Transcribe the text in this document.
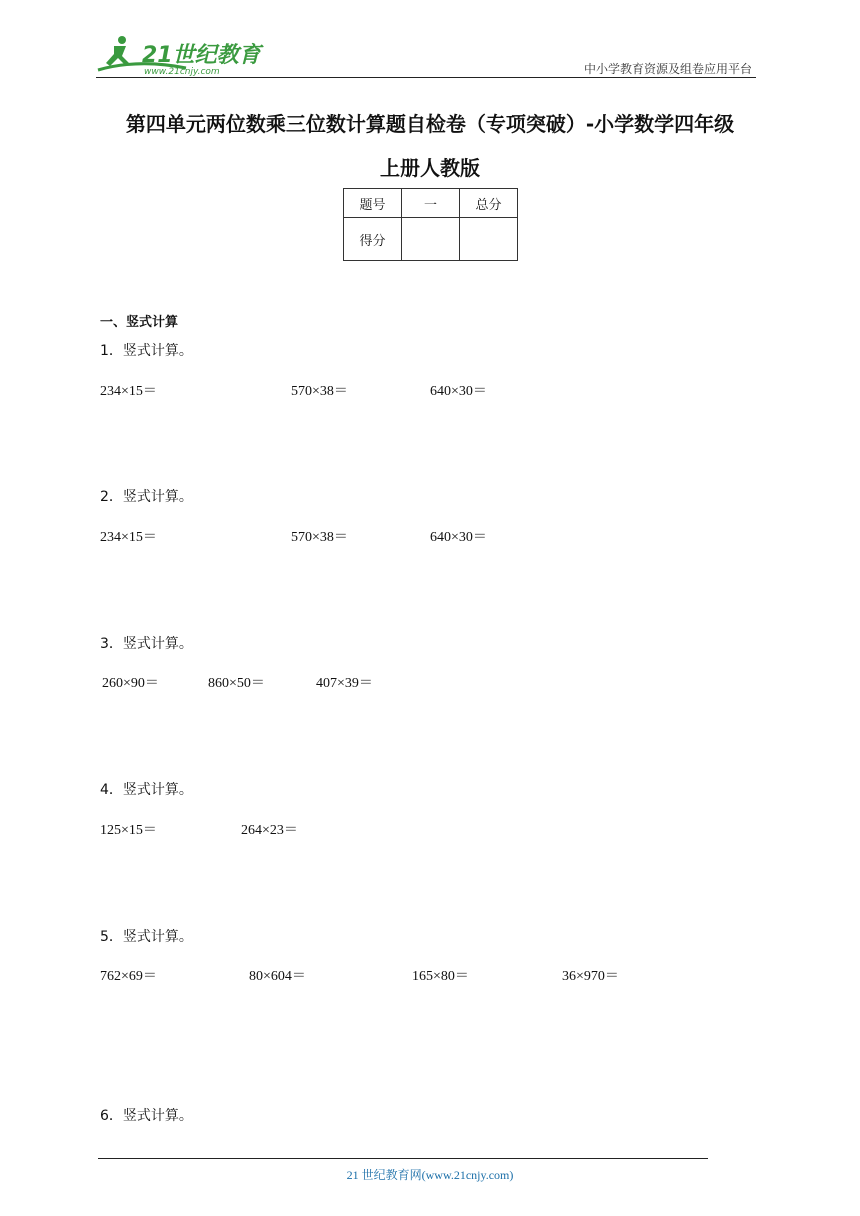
21世纪教育
www.21cnjy.com	中小学教育资源及组卷应用平台
第四单元两位数乘三位数计算题自检卷（专项突破）-小学数学四年级
上册人教版
题号	一	总分
得分		
一、竖式计算
1．竖式计算。
234×15＝	570×38＝	640×30＝
2．竖式计算。
234×15＝	570×38＝	640×30＝
3．竖式计算。
260×90＝	860×50＝	407×39＝
4．竖式计算。
125×15＝	264×23＝
5．竖式计算。
762×69＝	80×604＝	165×80＝	36×970＝
6．竖式计算。
21 世纪教育网(www.21cnjy.com)
